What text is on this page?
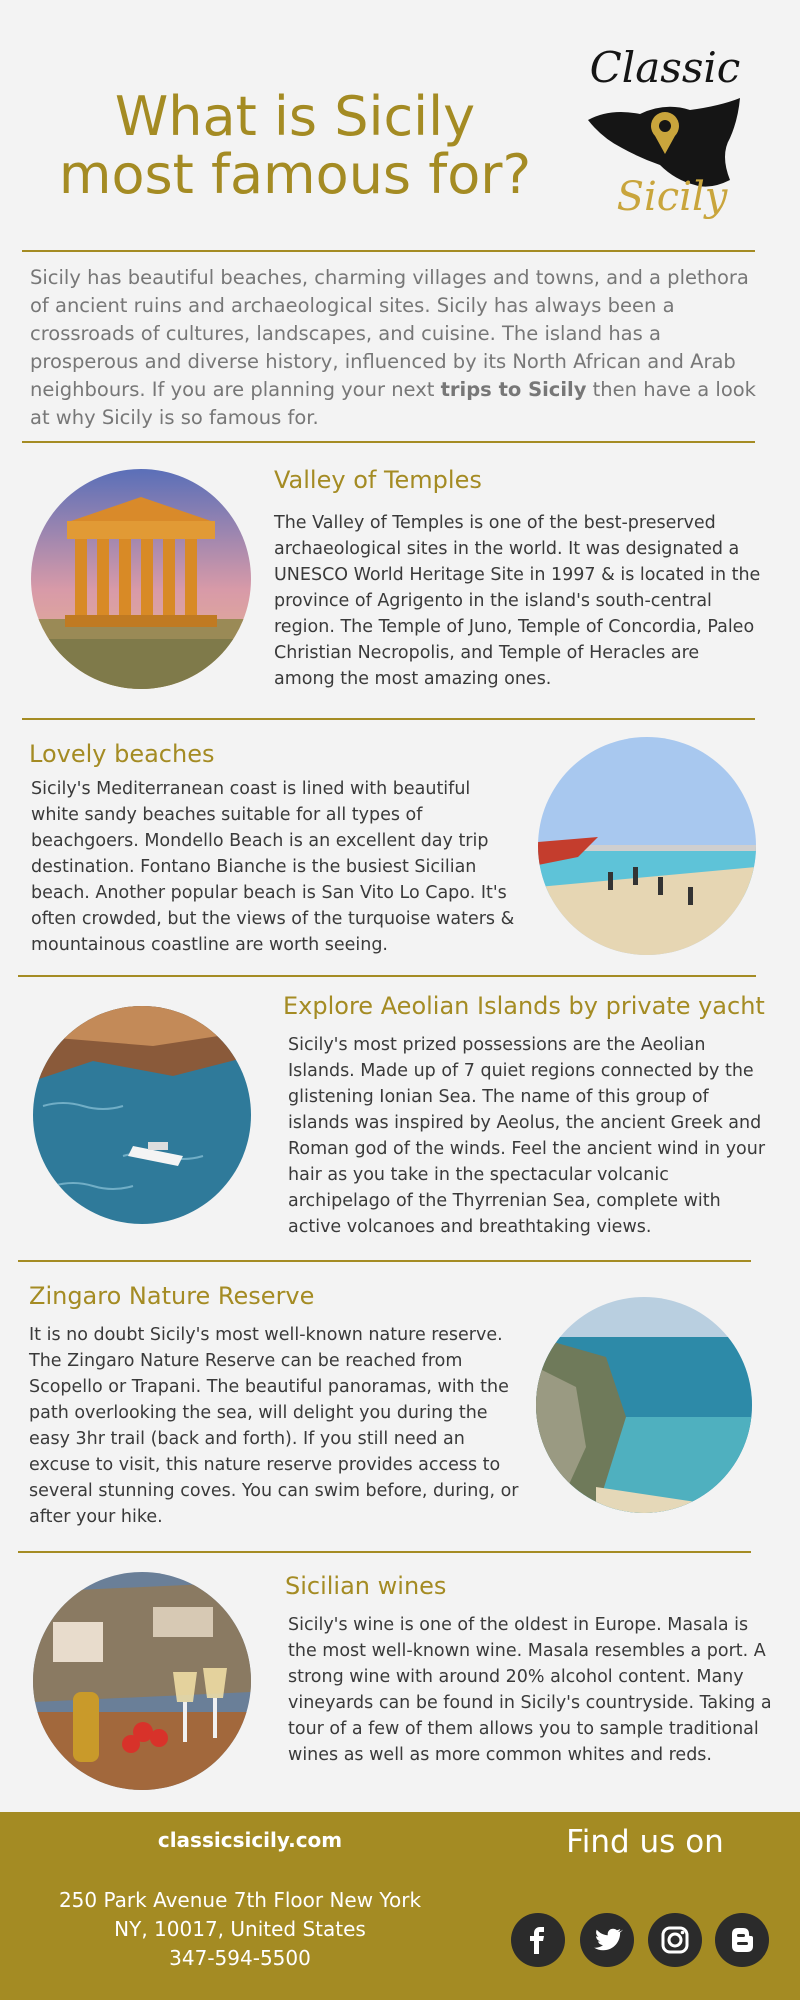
What is Sicily
most famous for?
Classic
Sicily

Sicily has beautiful beaches, charming villages and towns, and a plethora of ancient ruins and archaeological sites. Sicily has always been a crossroads of cultures, landscapes, and cuisine. The island has a prosperous and diverse history, influenced by its North African and Arab neighbours. If you are planning your next trips to Sicily then have a look at why Sicily is so famous for.

Valley of Temples
The Valley of Temples is one of the best-preserved archaeological sites in the world. It was designated a UNESCO World Heritage Site in 1997 & is located in the province of Agrigento in the island's south-central region. The Temple of Juno, Temple of Concordia, Paleo Christian Necropolis, and Temple of Heracles are among the most amazing ones.
Lovely beaches
Sicily's Mediterranean coast is lined with beautiful white sandy beaches suitable for all types of beachgoers. Mondello Beach is an excellent day trip destination. Fontano Bianche is the busiest Sicilian beach. Another popular beach is San Vito Lo Capo. It's often crowded, but the views of the turquoise waters & mountainous coastline are worth seeing.
Explore Aeolian Islands by private yacht
Sicily's most prized possessions are the Aeolian Islands. Made up of 7 quiet regions connected by the glistening Ionian Sea. The name of this group of islands was inspired by Aeolus, the ancient Greek and Roman god of the winds. Feel the ancient wind in your hair as you take in the spectacular volcanic archipelago of the Thyrrenian Sea, complete with active volcanoes and breathtaking views.
Zingaro Nature Reserve
It is no doubt Sicily's most well-known nature reserve. The Zingaro Nature Reserve can be reached from Scopello or Trapani. The beautiful panoramas, with the path overlooking the sea, will delight you during the easy 3hr trail (back and forth). If you still need an excuse to visit, this nature reserve provides access to several stunning coves. You can swim before, during, or after your hike.
Sicilian wines
Sicily's wine is one of the oldest in Europe. Masala is the most well-known wine. Masala resembles a port. A strong wine with around 20% alcohol content. Many vineyards can be found in Sicily's countryside. Taking a tour of a few of them allows you to sample traditional wines as well as more common whites and reds.
classicsicily.com
250 Park Avenue 7th Floor New York
NY, 10017, United States
347-594-5500
Find us on
